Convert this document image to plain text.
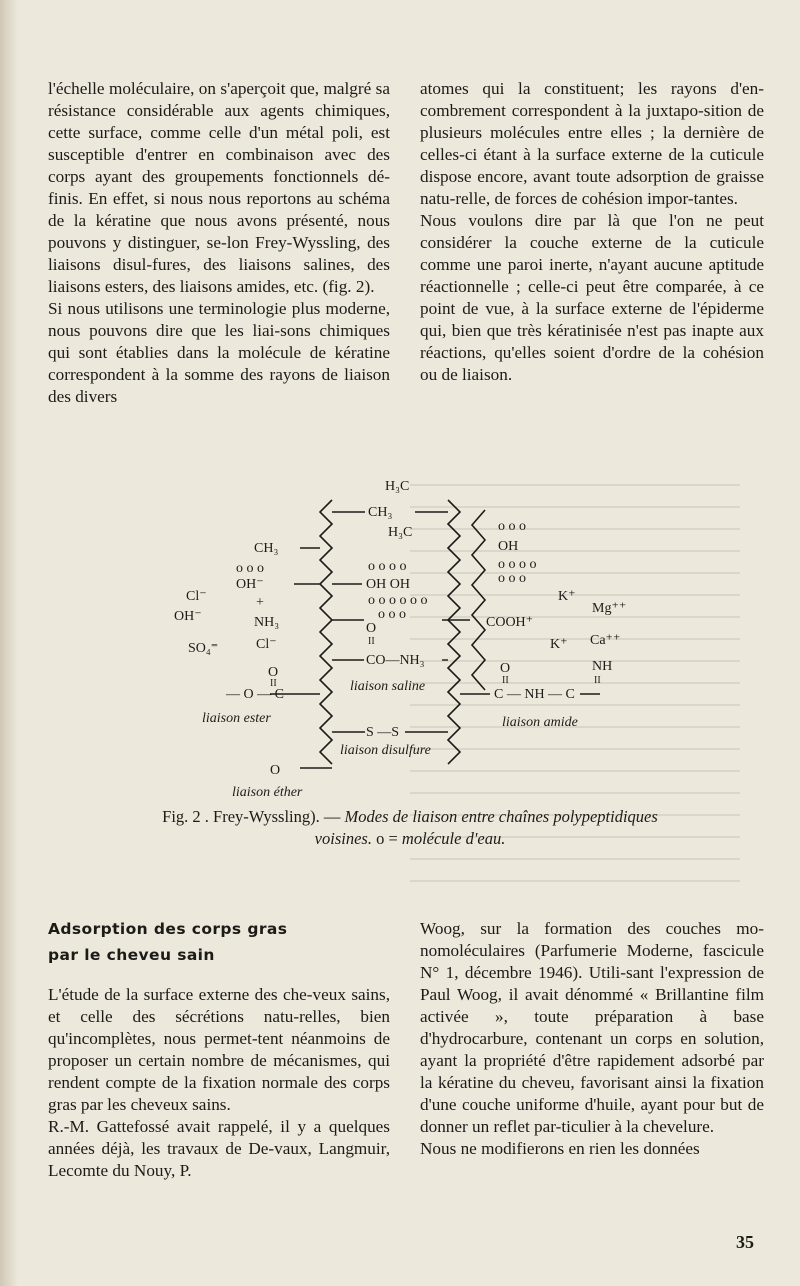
l'échelle moléculaire, on s'aperçoit que, malgré sa résistance considérable aux agents chimiques, cette surface, comme celle d'un métal poli, est susceptible d'entrer en combinaison avec des corps ayant des groupements fonctionnels dé-finis. En effet, si nous nous reportons au schéma de la kératine que nous avons présenté, nous pouvons y distinguer, se-lon Frey-Wyssling, des liaisons disul-fures, des liaisons salines, des liaisons esters, des liaisons amides, etc. (fig. 2).

Si nous utilisons une terminologie plus moderne, nous pouvons dire que les liai-sons chimiques qui sont établies dans la molécule de kératine correspondent à la somme des rayons de liaison des divers

atomes qui la constituent; les rayons d'en-combrement correspondent à la juxtapo-sition de plusieurs molécules entre elles ; la dernière de celles-ci étant à la surface externe de la cuticule dispose encore, avant toute adsorption de graisse natu-relle, de forces de cohésion impor-tantes.

Nous voulons dire par là que l'on ne peut considérer la couche externe de la cuticule comme une paroi inerte, n'ayant aucune aptitude réactionnelle ; celle-ci peut être comparée, à ce point de vue, à la surface externe de l'épiderme qui, bien que très kératinisée n'est pas inapte aux réactions, qu'elles soient d'ordre de la cohésion ou de liaison.

H₃C
CH₃
H₃C
CH₃
o o o
OH⁻
Cl⁻
OH⁻
+
NH₃
SO₄⁼	Cl⁻
O
II
— O — C
liaison ester
o o o o
OH OH
o o o o o o
o o o
O
II
CO—NH₃
liaison saline
S —S
liaison disulfure
O
liaison éther
o o o
OH
o o o o
o o o
K⁺
Mg⁺⁺
COOH⁺
K⁺ Ca⁺⁺
O
II
NH
II
C — NH — C
liaison amide
Fig. 2 . Frey-Wyssling). — Modes de liaison entre chaînes polypeptidiques voisines. o = molécule d'eau.
Adsorption des corps gras
par le cheveu sain

L'étude de la surface externe des che-veux sains, et celle des sécrétions natu-relles, bien qu'incomplètes, nous permet-tent néanmoins de proposer un certain nombre de mécanismes, qui rendent compte de la fixation normale des corps gras par les cheveux sains.

R.-M. Gattefossé avait rappelé, il y a quelques années déjà, les travaux de De-vaux, Langmuir, Lecomte du Nouy, P.

Woog, sur la formation des couches mo-nomoléculaires (Parfumerie Moderne, fascicule N° 1, décembre 1946). Utili-sant l'expression de Paul Woog, il avait dénommé « Brillantine film activée », toute préparation à base d'hydrocarbure, contenant un corps en solution, ayant la propriété d'être rapidement adsorbé par la kératine du cheveu, favorisant ainsi la fixation d'une couche uniforme d'huile, ayant pour but de donner un reflet par-ticulier à la chevelure.

Nous ne modifierons en rien les données

35
